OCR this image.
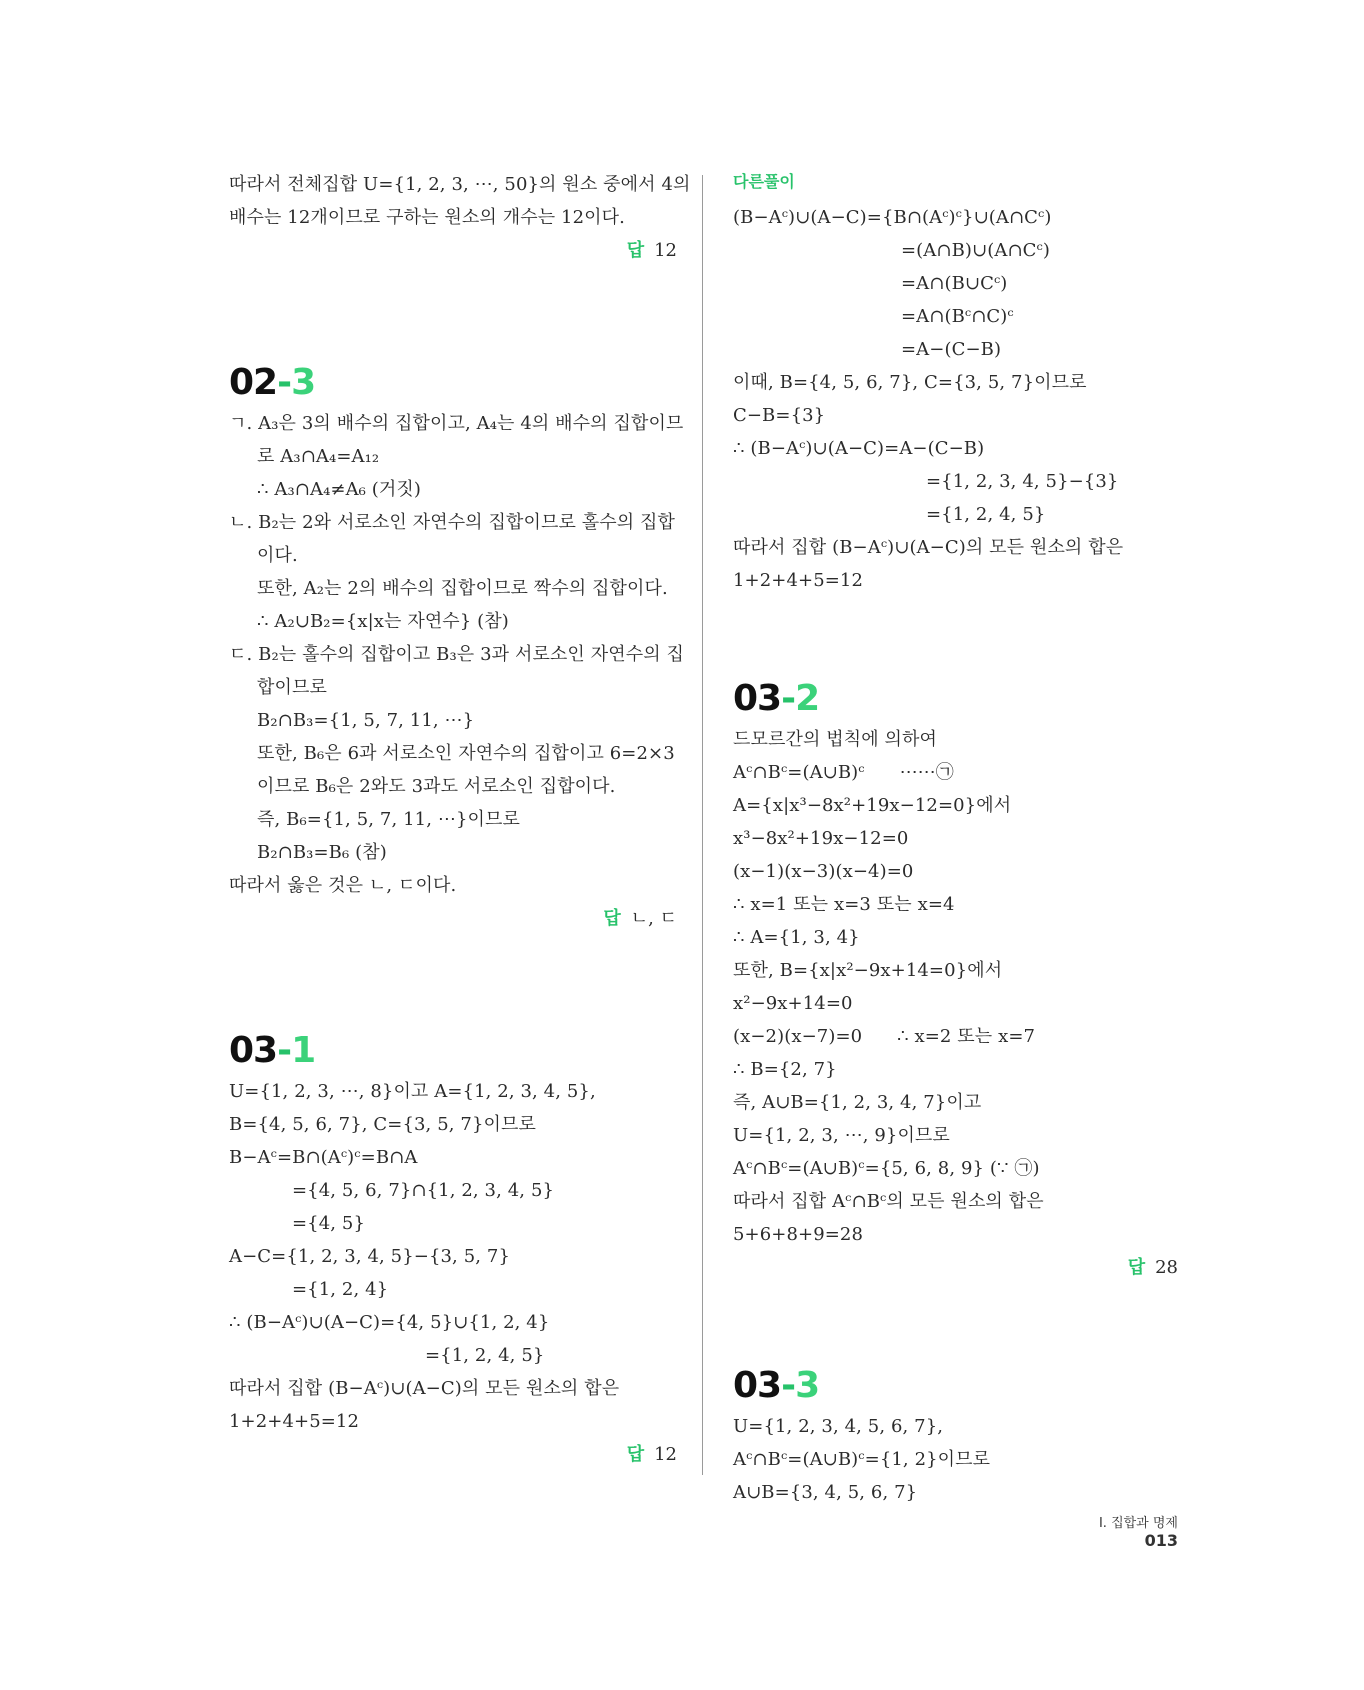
따라서 전체집합 U={1, 2, 3, ⋯, 50}의 원소 중에서 4의
배수는 12개이므로 구하는 원소의 개수는 12이다.
답 12
02-3
ㄱ. A₃은 3의 배수의 집합이고, A₄는 4의 배수의 집합이므
로 A₃∩A₄=A₁₂
∴ A₃∩A₄≠A₆ (거짓)
ㄴ. B₂는 2와 서로소인 자연수의 집합이므로 홀수의 집합
이다.
또한, A₂는 2의 배수의 집합이므로 짝수의 집합이다.
∴ A₂∪B₂={x|x는 자연수} (참)
ㄷ. B₂는 홀수의 집합이고 B₃은 3과 서로소인 자연수의 집
합이므로
B₂∩B₃={1, 5, 7, 11, ⋯}
또한, B₆은 6과 서로소인 자연수의 집합이고 6=2×3
이므로 B₆은 2와도 3과도 서로소인 집합이다.
즉, B₆={1, 5, 7, 11, ⋯}이므로
B₂∩B₃=B₆ (참)
따라서 옳은 것은 ㄴ, ㄷ이다.
답 ㄴ, ㄷ
03-1
U={1, 2, 3, ⋯, 8}이고 A={1, 2, 3, 4, 5},
B={4, 5, 6, 7}, C={3, 5, 7}이므로
B−Aᶜ=B∩(Aᶜ)ᶜ=B∩A
={4, 5, 6, 7}∩{1, 2, 3, 4, 5}
={4, 5}
A−C={1, 2, 3, 4, 5}−{3, 5, 7}
={1, 2, 4}
∴ (B−Aᶜ)∪(A−C)={4, 5}∪{1, 2, 4}
={1, 2, 4, 5}
따라서 집합 (B−Aᶜ)∪(A−C)의 모든 원소의 합은
1+2+4+5=12
답 12
다른풀이
(B−Aᶜ)∪(A−C)={B∩(Aᶜ)ᶜ}∪(A∩Cᶜ)
=(A∩B)∪(A∩Cᶜ)
=A∩(B∪Cᶜ)
=A∩(Bᶜ∩C)ᶜ
=A−(C−B)
이때, B={4, 5, 6, 7}, C={3, 5, 7}이므로
C−B={3}
∴ (B−Aᶜ)∪(A−C)=A−(C−B)
={1, 2, 3, 4, 5}−{3}
={1, 2, 4, 5}
따라서 집합 (B−Aᶜ)∪(A−C)의 모든 원소의 합은
1+2+4+5=12
03-2
드모르간의 법칙에 의하여
Aᶜ∩Bᶜ=(A∪B)ᶜ      ⋯⋯㉠
A={x|x³−8x²+19x−12=0}에서
x³−8x²+19x−12=0
(x−1)(x−3)(x−4)=0
∴ x=1 또는 x=3 또는 x=4
∴ A={1, 3, 4}
또한, B={x|x²−9x+14=0}에서
x²−9x+14=0
(x−2)(x−7)=0      ∴ x=2 또는 x=7
∴ B={2, 7}
즉, A∪B={1, 2, 3, 4, 7}이고
U={1, 2, 3, ⋯, 9}이므로
Aᶜ∩Bᶜ=(A∪B)ᶜ={5, 6, 8, 9} (∵ ㉠)
따라서 집합 Aᶜ∩Bᶜ의 모든 원소의 합은
5+6+8+9=28
답 28
03-3
U={1, 2, 3, 4, 5, 6, 7},
Aᶜ∩Bᶜ=(A∪B)ᶜ={1, 2}이므로
A∪B={3, 4, 5, 6, 7}
I. 집합과 명제013
